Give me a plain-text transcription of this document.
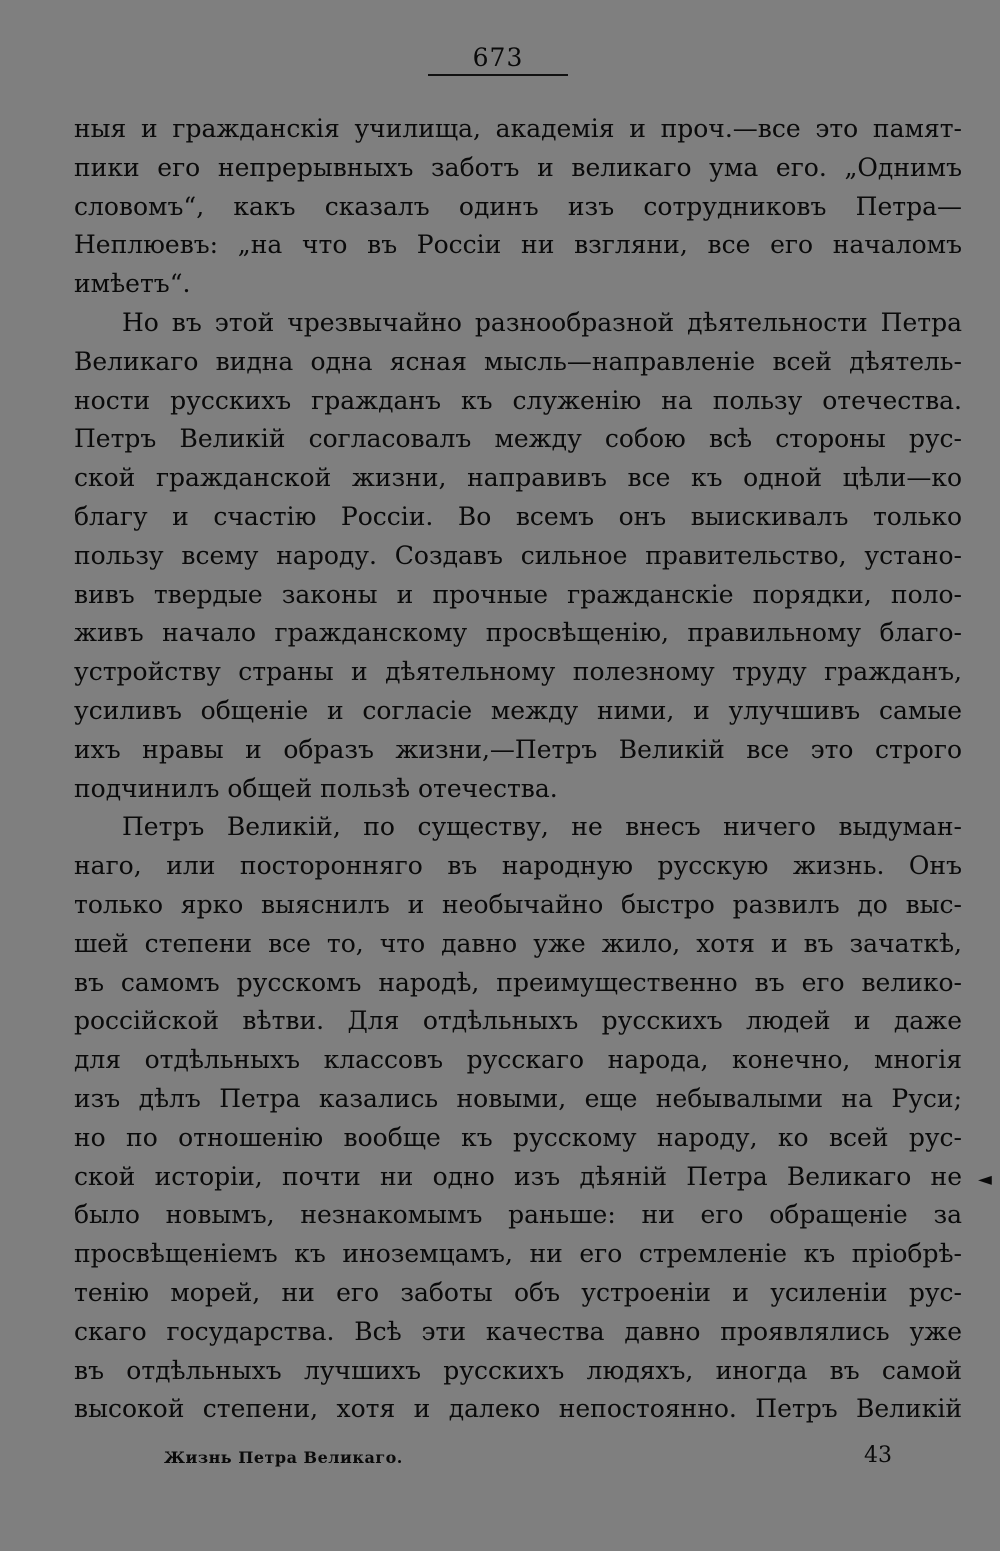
673
ныя и гражданскія училища, академія и проч.—все это памят-
пики его непрерывныхъ заботъ и великаго ума его. „Однимъ
словомъ“, какъ сказалъ одинъ изъ сотрудниковъ Петра—
Неплюевъ: „на что въ Россіи ни взгляни, все его началомъ
имѣетъ“.
Но въ этой чрезвычайно разнообразной дѣятельности Петра
Великаго видна одна ясная мысль—направленіе всей дѣятель-
ности русскихъ гражданъ къ служенію на пользу отечества.
Петръ Великій согласовалъ между собою всѣ стороны рус-
ской гражданской жизни, направивъ все къ одной цѣли—ко
благу и счастію Россіи. Во всемъ онъ выискивалъ только
пользу всему народу. Создавъ сильное правительство, устано-
вивъ твердые законы и прочные гражданскіе порядки, поло-
живъ начало гражданскому просвѣщенію, правильному благо-
устройству страны и дѣятельному полезному труду гражданъ,
усиливъ общеніе и согласіе между ними, и улучшивъ самые
ихъ нравы и образъ жизни,—Петръ Великій все это строго
подчинилъ общей пользѣ отечества.
Петръ Великій, по существу, не внесъ ничего выдуман-
наго, или посторонняго въ народную русскую жизнь. Онъ
только ярко выяснилъ и необычайно быстро развилъ до выс-
шей степени все то, что давно уже жило, хотя и въ зачаткѣ,
въ самомъ русскомъ народѣ, преимущественно въ его велико-
россійской вѣтви. Для отдѣльныхъ русскихъ людей и даже
для отдѣльныхъ классовъ русскаго народа, конечно, многія
изъ дѣлъ Петра казались новыми, еще небывалыми на Руси;
но по отношенію вообще къ русскому народу, ко всей рус-
ской исторіи, почти ни одно изъ дѣяній Петра Великаго не
было новымъ, незнакомымъ раньше: ни его обращеніе за
просвѣщеніемъ къ иноземцамъ, ни его стремленіе къ пріобрѣ-
тенію морей, ни его заботы объ устроеніи и усиленіи рус-
скаго государства. Всѣ эти качества давно проявлялись уже
въ отдѣльныхъ лучшихъ русскихъ людяхъ, иногда въ самой
высокой степени, хотя и далеко непостоянно. Петръ Великій
◄
Жизнь Петра Великаго.	43
